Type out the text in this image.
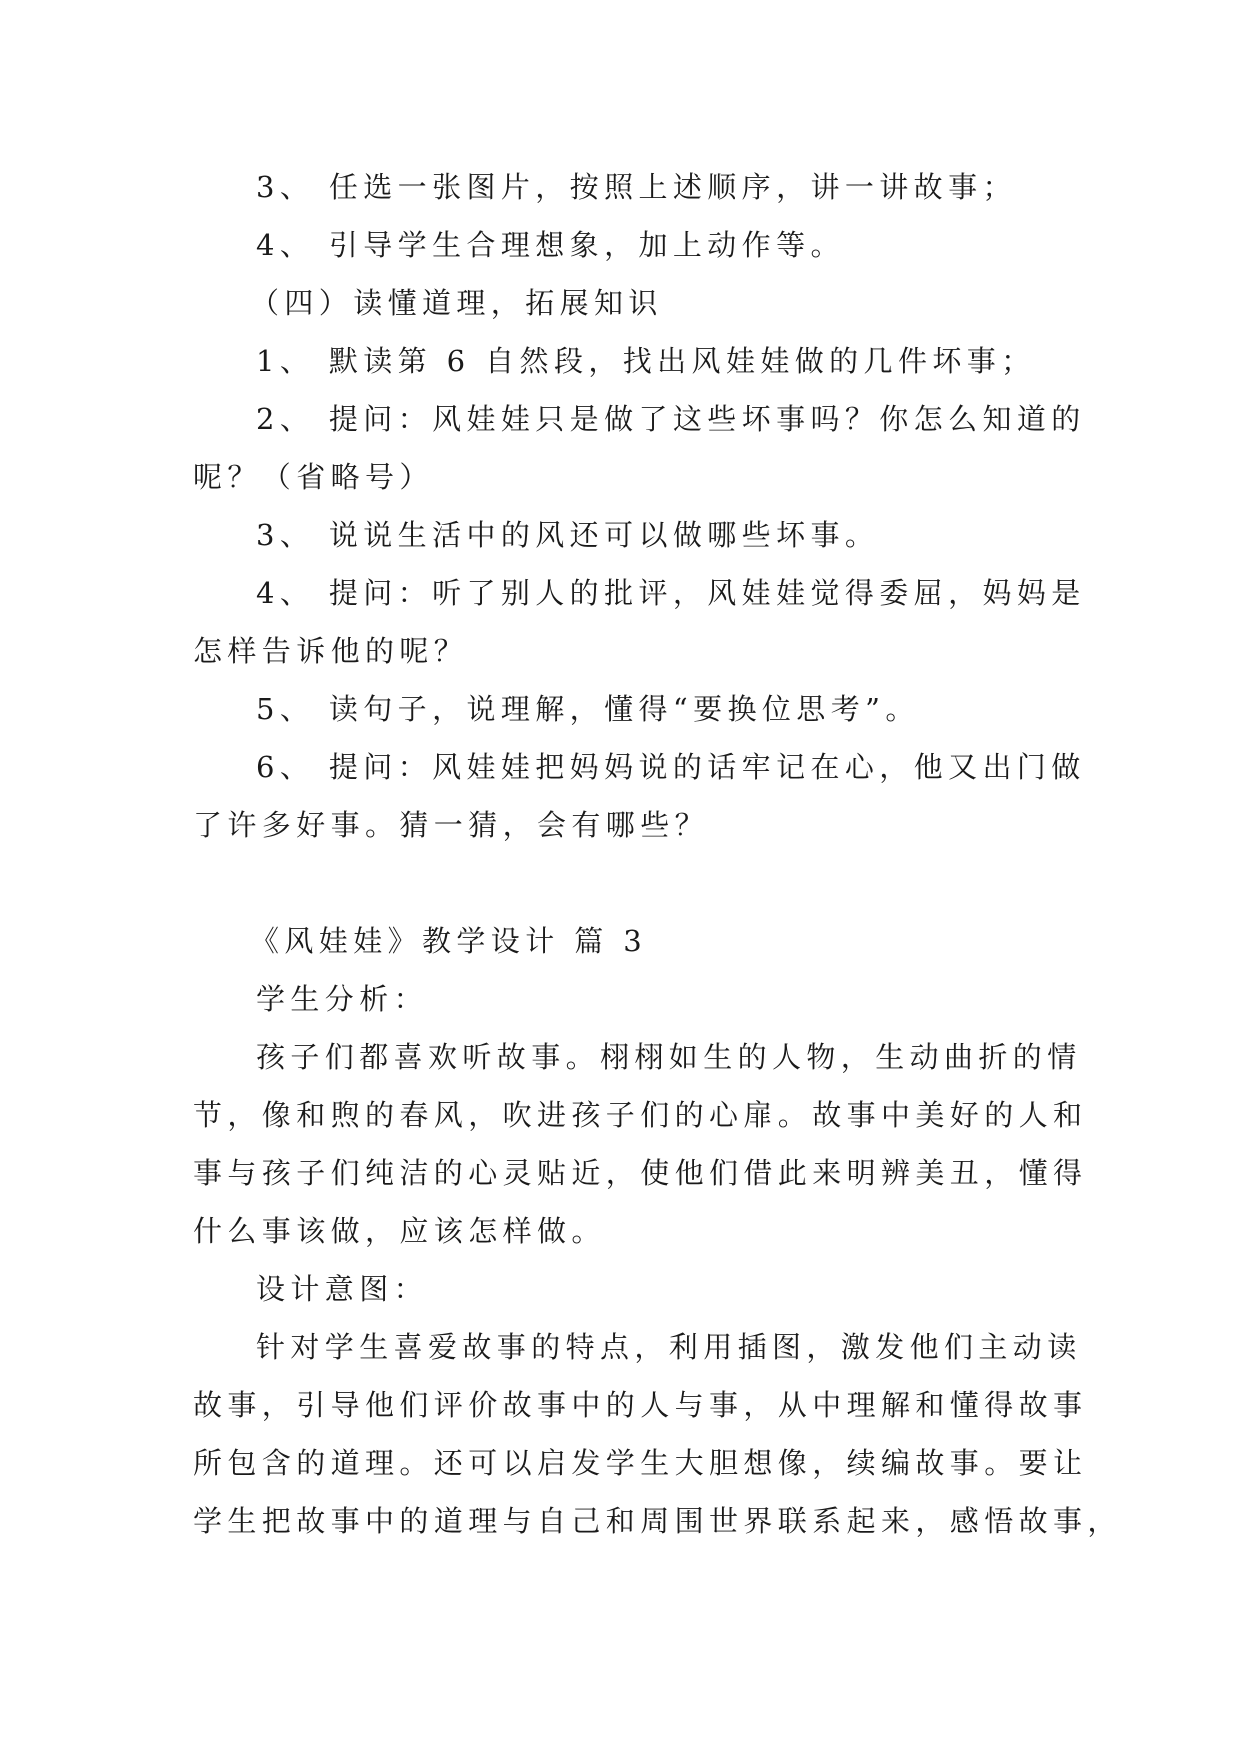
3、 任选一张图片，按照上述顺序，讲一讲故事；
4、 引导学生合理想象，加上动作等。
（四）读懂道理，拓展知识
1、 默读第 6 自然段，找出风娃娃做的几件坏事；
2、 提问：风娃娃只是做了这些坏事吗？你怎么知道的
呢？（省略号）
3、 说说生活中的风还可以做哪些坏事。
4、 提问：听了别人的批评，风娃娃觉得委屈，妈妈是
怎样告诉他的呢？
5、 读句子，说理解，懂得“要换位思考”。
6、 提问：风娃娃把妈妈说的话牢记在心，他又出门做
了许多好事。猜一猜，会有哪些？
《风娃娃》教学设计 篇 3
学生分析：
孩子们都喜欢听故事。栩栩如生的人物，生动曲折的情
节，像和煦的春风，吹进孩子们的心扉。故事中美好的人和
事与孩子们纯洁的心灵贴近，使他们借此来明辨美丑，懂得
什么事该做，应该怎样做。
设计意图：
针对学生喜爱故事的特点，利用插图，激发他们主动读
故事，引导他们评价故事中的人与事，从中理解和懂得故事
所包含的道理。还可以启发学生大胆想像，续编故事。要让
学生把故事中的道理与自己和周围世界联系起来，感悟故事，
